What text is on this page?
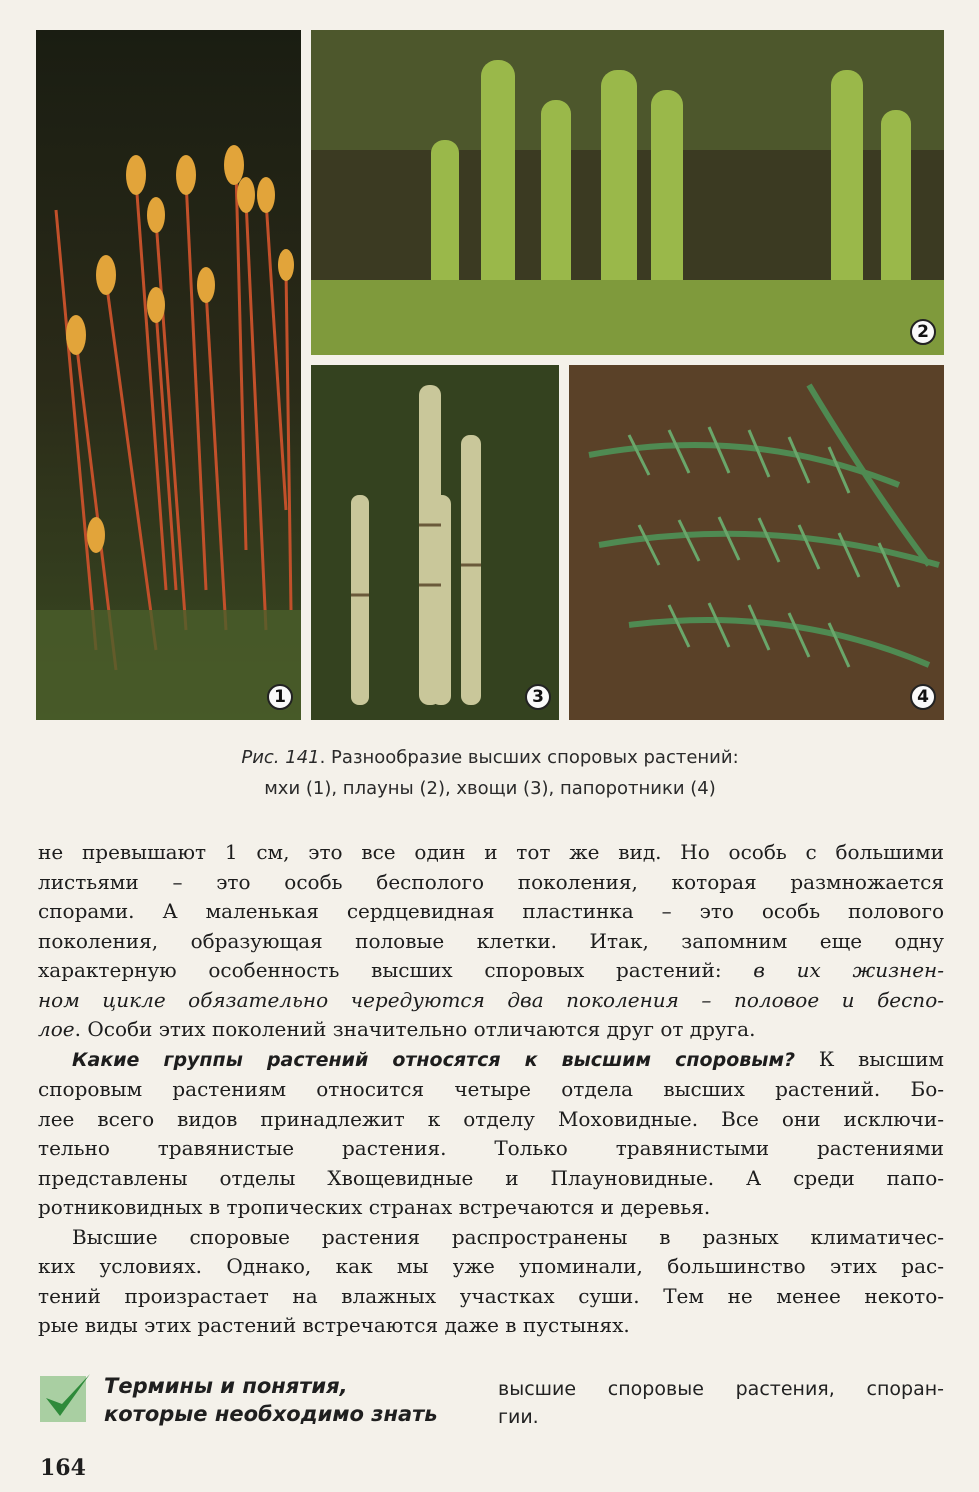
1
2
3	4
Рис. 141. Разнообразие высших споровых растений:
мхи (1), плауны (2), хвощи (3), папоротники (4)
не превышают 1 см, это все один и тот же вид. Но особь с большими
листьями – это особь бесполого поколения, которая размножается
спорами. А маленькая сердцевидная пластинка – это особь полового
поколения, образующая половые клетки. Итак, запомним еще одну
характерную особенность высших споровых растений: в их жизнен-
ном цикле обязательно чередуются два поколения – половое и беспо-
лое. Особи этих поколений значительно отличаются друг от друга.
Какие группы растений относятся к высшим споровым? К высшим
споровым растениям относится четыре отдела высших растений. Бо-
лее всего видов принадлежит к отделу Моховидные. Все они исключи-
тельно травянистые растения. Только травянистыми растениями
представлены отделы Хвощевидные и Плауновидные. А среди папо-
ротниковидных в тропических странах встречаются и деревья.
Высшие споровые растения распространены в разных климатичес-
ких условиях. Однако, как мы уже упоминали, большинство этих рас-
тений произрастает на влажных участках суши. Тем не менее некото-
рые виды этих растений встречаются даже в пустынях.
Термины и понятия,
которые необходимо знать
высшие споровые растения, споран-
гии.
164
